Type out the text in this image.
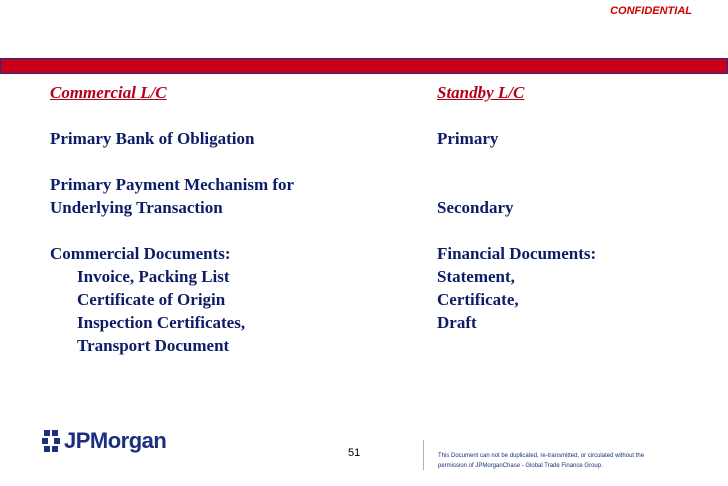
CONFIDENTIAL
Commercial L/C
Primary Bank of Obligation
Primary Payment Mechanism for
Underlying Transaction
Commercial Documents:
Invoice, Packing List
Certificate of Origin
Inspection Certificates,
Transport Document
Standby L/C
Primary
Secondary
Financial Documents:
Statement,
Certificate,
Draft
JPMorgan	51	This Document can not be duplicated, re-transmitted, or circulated without the
permission of JPMorganChase - Global Trade Finance Group.
